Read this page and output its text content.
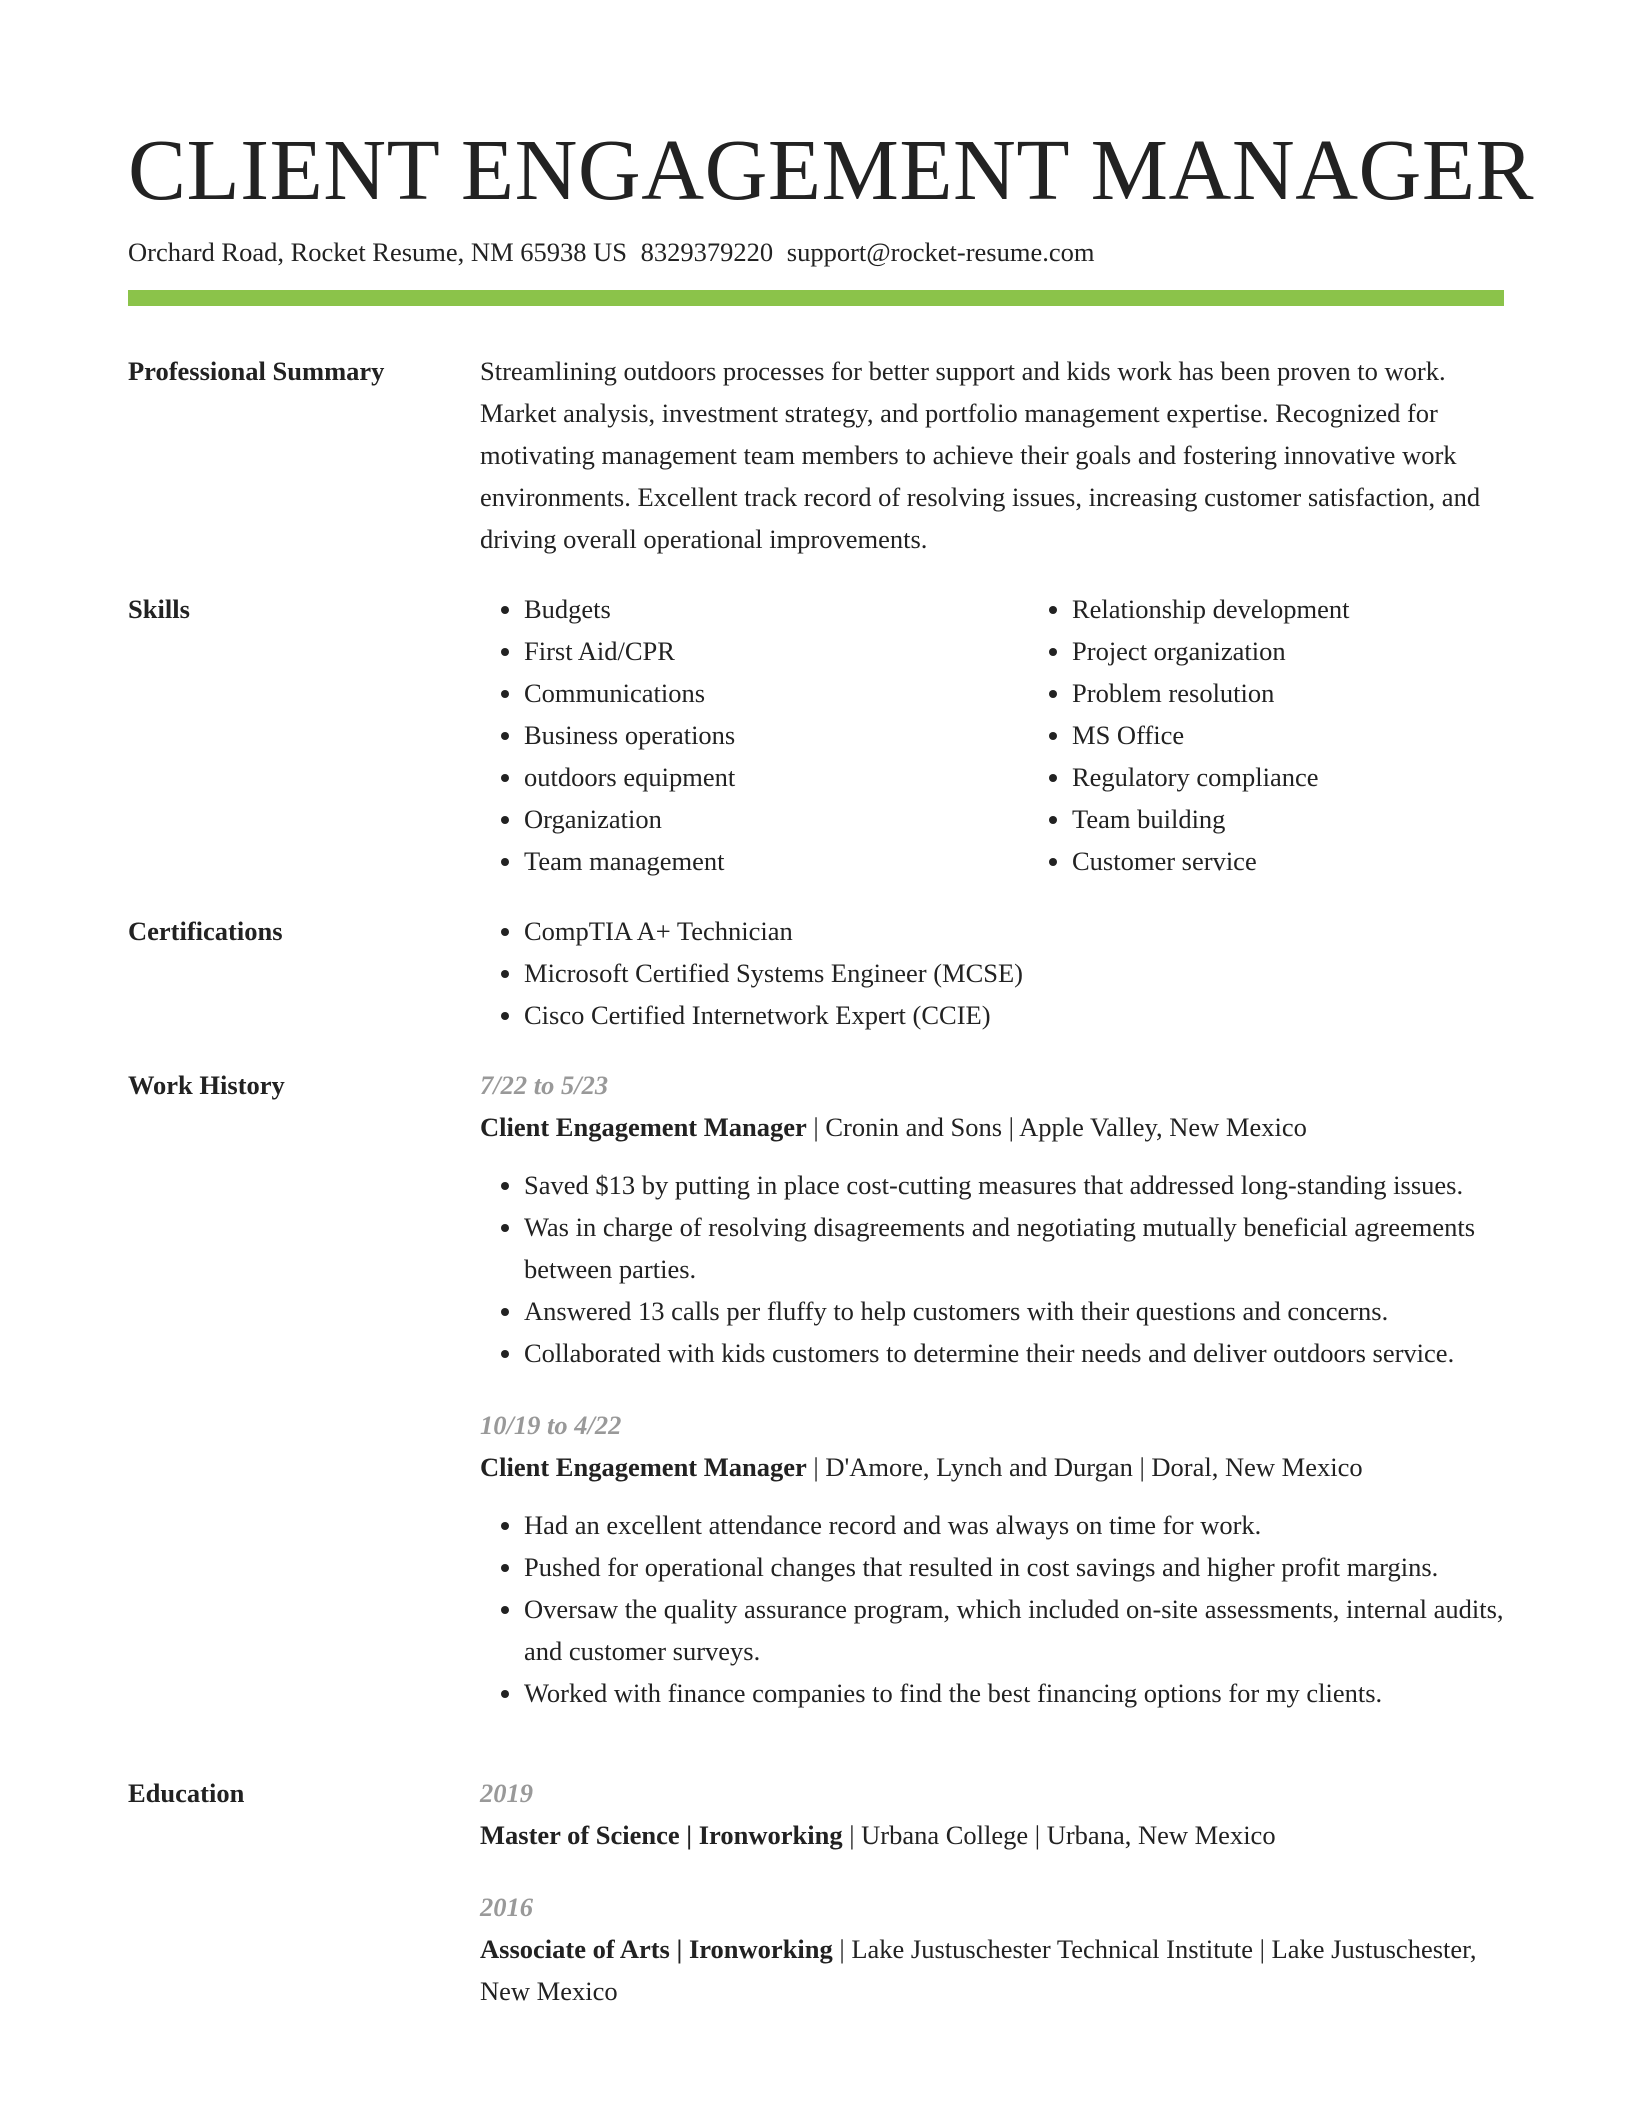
CLIENT ENGAGEMENT MANAGER
Orchard Road, Rocket Resume, NM 65938 US 8329379220 support@rocket-resume.com
Professional Summary	Streamlining outdoors processes for better support and kids work has been proven to work. Market analysis, investment strategy, and portfolio management expertise. Recognized for motivating management team members to achieve their goals and fostering innovative work environments. Excellent track record of resolving issues, increasing customer satisfaction, and driving overall operational improvements.

Skills	• Budgets
• First Aid/CPR
• Communications
• Business operations
• outdoors equipment
• Organization
• Team management
• Relationship development
• Project organization
• Problem resolution
• MS Office
• Regulatory compliance
• Team building
• Customer service
Certifications	• CompTIA A+ Technician
• Microsoft Certified Systems Engineer (MCSE)
• Cisco Certified Internetwork Expert (CCIE)
Work History	7/22 to 5/23
Client Engagement Manager | Cronin and Sons | Apple Valley, New Mexico
• Saved $13 by putting in place cost-cutting measures that addressed long-standing issues.
• Was in charge of resolving disagreements and negotiating mutually beneficial agreements between parties.
• Answered 13 calls per fluffy to help customers with their questions and concerns.
• Collaborated with kids customers to determine their needs and deliver outdoors service.
10/19 to 4/22
Client Engagement Manager | D'Amore, Lynch and Durgan | Doral, New Mexico
• Had an excellent attendance record and was always on time for work.
• Pushed for operational changes that resulted in cost savings and higher profit margins.
• Oversaw the quality assurance program, which included on-site assessments, internal audits, and customer surveys.
• Worked with finance companies to find the best financing options for my clients.
Education	2019
Master of Science | Ironworking | Urbana College | Urbana, New Mexico
2016
Associate of Arts | Ironworking | Lake Justuschester Technical Institute | Lake Justuschester, New Mexico
